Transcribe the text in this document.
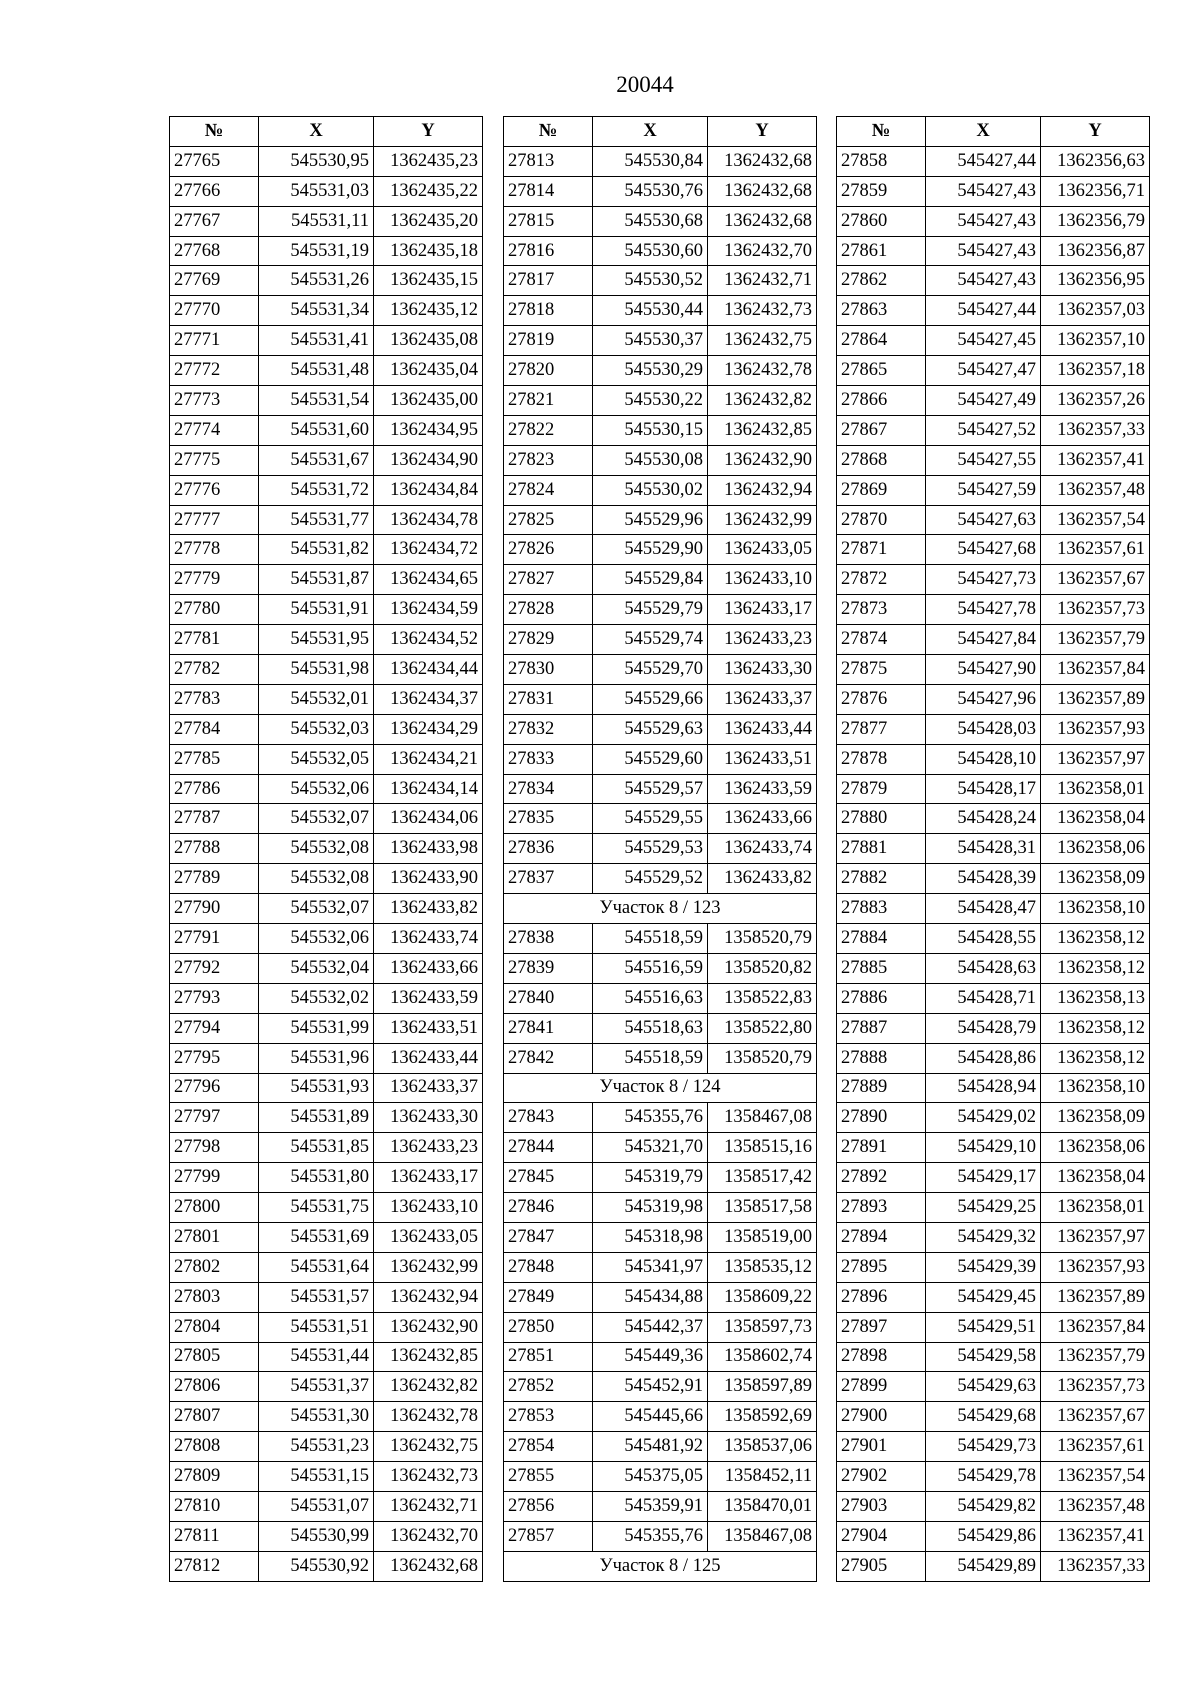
20044
№	X	Y
27765	545530,95	1362435,23
27766	545531,03	1362435,22
27767	545531,11	1362435,20
27768	545531,19	1362435,18
27769	545531,26	1362435,15
27770	545531,34	1362435,12
27771	545531,41	1362435,08
27772	545531,48	1362435,04
27773	545531,54	1362435,00
27774	545531,60	1362434,95
27775	545531,67	1362434,90
27776	545531,72	1362434,84
27777	545531,77	1362434,78
27778	545531,82	1362434,72
27779	545531,87	1362434,65
27780	545531,91	1362434,59
27781	545531,95	1362434,52
27782	545531,98	1362434,44
27783	545532,01	1362434,37
27784	545532,03	1362434,29
27785	545532,05	1362434,21
27786	545532,06	1362434,14
27787	545532,07	1362434,06
27788	545532,08	1362433,98
27789	545532,08	1362433,90
27790	545532,07	1362433,82
27791	545532,06	1362433,74
27792	545532,04	1362433,66
27793	545532,02	1362433,59
27794	545531,99	1362433,51
27795	545531,96	1362433,44
27796	545531,93	1362433,37
27797	545531,89	1362433,30
27798	545531,85	1362433,23
27799	545531,80	1362433,17
27800	545531,75	1362433,10
27801	545531,69	1362433,05
27802	545531,64	1362432,99
27803	545531,57	1362432,94
27804	545531,51	1362432,90
27805	545531,44	1362432,85
27806	545531,37	1362432,82
27807	545531,30	1362432,78
27808	545531,23	1362432,75
27809	545531,15	1362432,73
27810	545531,07	1362432,71
27811	545530,99	1362432,70
27812	545530,92	1362432,68
№	X	Y
27813	545530,84	1362432,68
27814	545530,76	1362432,68
27815	545530,68	1362432,68
27816	545530,60	1362432,70
27817	545530,52	1362432,71
27818	545530,44	1362432,73
27819	545530,37	1362432,75
27820	545530,29	1362432,78
27821	545530,22	1362432,82
27822	545530,15	1362432,85
27823	545530,08	1362432,90
27824	545530,02	1362432,94
27825	545529,96	1362432,99
27826	545529,90	1362433,05
27827	545529,84	1362433,10
27828	545529,79	1362433,17
27829	545529,74	1362433,23
27830	545529,70	1362433,30
27831	545529,66	1362433,37
27832	545529,63	1362433,44
27833	545529,60	1362433,51
27834	545529,57	1362433,59
27835	545529,55	1362433,66
27836	545529,53	1362433,74
27837	545529,52	1362433,82
Участок 8 / 123		
27838	545518,59	1358520,79
27839	545516,59	1358520,82
27840	545516,63	1358522,83
27841	545518,63	1358522,80
27842	545518,59	1358520,79
Участок 8 / 124		
27843	545355,76	1358467,08
27844	545321,70	1358515,16
27845	545319,79	1358517,42
27846	545319,98	1358517,58
27847	545318,98	1358519,00
27848	545341,97	1358535,12
27849	545434,88	1358609,22
27850	545442,37	1358597,73
27851	545449,36	1358602,74
27852	545452,91	1358597,89
27853	545445,66	1358592,69
27854	545481,92	1358537,06
27855	545375,05	1358452,11
27856	545359,91	1358470,01
27857	545355,76	1358467,08
Участок 8 / 125		
№	X	Y
27858	545427,44	1362356,63
27859	545427,43	1362356,71
27860	545427,43	1362356,79
27861	545427,43	1362356,87
27862	545427,43	1362356,95
27863	545427,44	1362357,03
27864	545427,45	1362357,10
27865	545427,47	1362357,18
27866	545427,49	1362357,26
27867	545427,52	1362357,33
27868	545427,55	1362357,41
27869	545427,59	1362357,48
27870	545427,63	1362357,54
27871	545427,68	1362357,61
27872	545427,73	1362357,67
27873	545427,78	1362357,73
27874	545427,84	1362357,79
27875	545427,90	1362357,84
27876	545427,96	1362357,89
27877	545428,03	1362357,93
27878	545428,10	1362357,97
27879	545428,17	1362358,01
27880	545428,24	1362358,04
27881	545428,31	1362358,06
27882	545428,39	1362358,09
27883	545428,47	1362358,10
27884	545428,55	1362358,12
27885	545428,63	1362358,12
27886	545428,71	1362358,13
27887	545428,79	1362358,12
27888	545428,86	1362358,12
27889	545428,94	1362358,10
27890	545429,02	1362358,09
27891	545429,10	1362358,06
27892	545429,17	1362358,04
27893	545429,25	1362358,01
27894	545429,32	1362357,97
27895	545429,39	1362357,93
27896	545429,45	1362357,89
27897	545429,51	1362357,84
27898	545429,58	1362357,79
27899	545429,63	1362357,73
27900	545429,68	1362357,67
27901	545429,73	1362357,61
27902	545429,78	1362357,54
27903	545429,82	1362357,48
27904	545429,86	1362357,41
27905	545429,89	1362357,33
